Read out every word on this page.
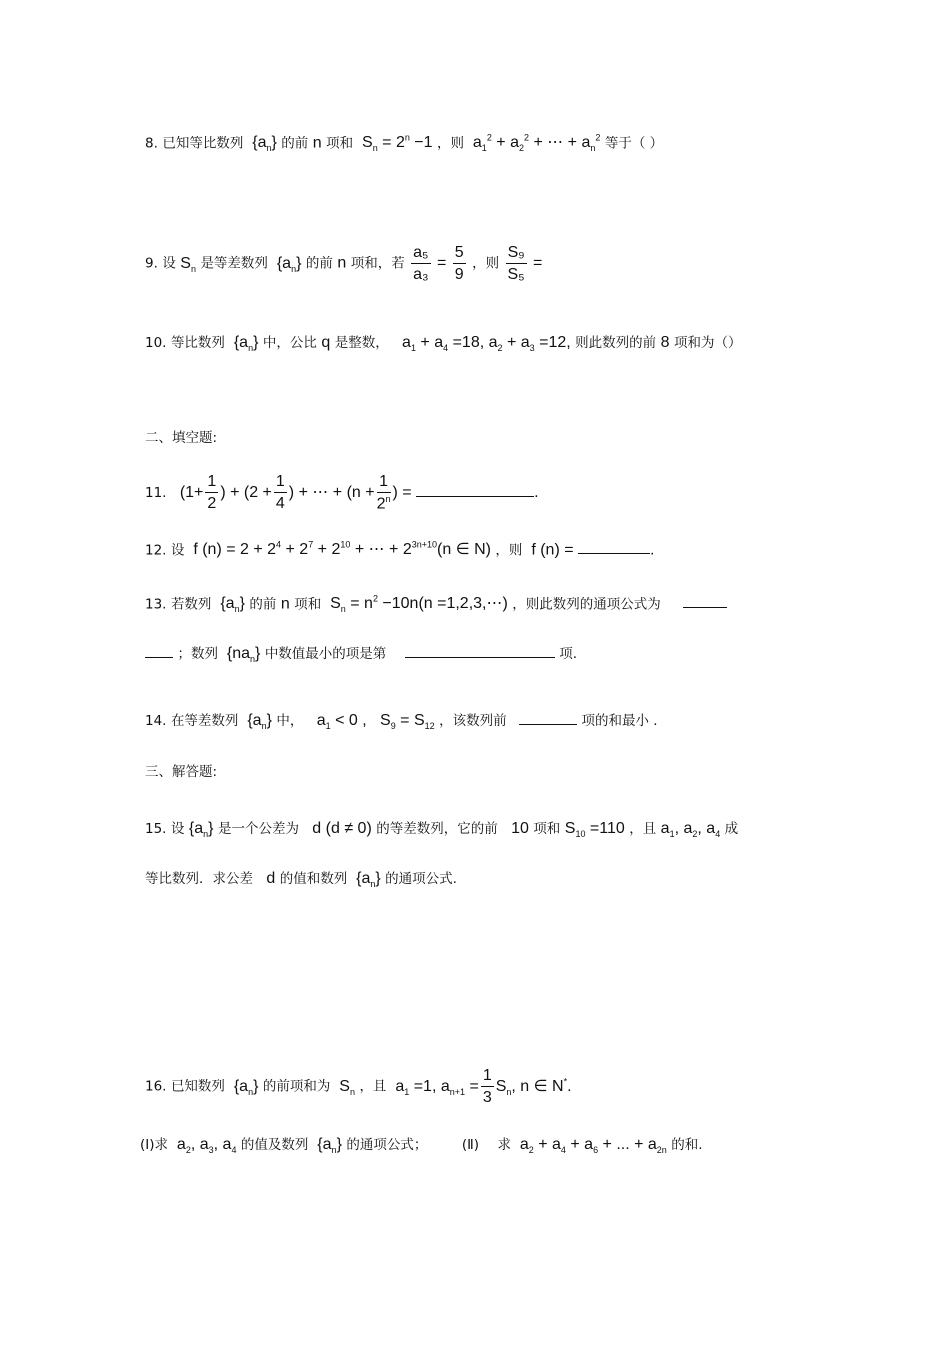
8. 已知等比数列  $\{a_n\}$ 的前 n 项和  $S_n = 2^n -1$ ，则  $a_1^2 + a_2^2$ + ⋯ + $a_n^2$ 等于（ ）
9. 设 $S_n$ 是等差数列  $\{a_n\}$ 的前 n 项和，若 $\frac{\text{a₅}}{\text{a₃}} = \frac{5}{9}$ ，则 $\frac{\text{S₉}}{\text{S₅}}$ =
10. 等比数列  $\{a_n\}$ 中，公比 q 是整数，   $a_1 + a_4 =18$, $a_2 + a_3 =12$, 则此数列的前 8 项和为（）
二、填空题:
11.   ($1+ \frac{1}{2}$ ) + ($2 + \frac{1}{4}$ ) + ⋯ + ($n + \frac{1}{2^n}$ ) =	.
12. 设  f $(n) = 2 + 2^4 + 2^7 + 2^{10}$ + ⋯ + $2^{3n+10}(n$ ∈ N) ，则  f (n) =	.
13. 若数列  $\{a_n\}$ 的前 n 项和  $S_n = n^2 -10n(n$ =1,2,3,⋯) ，则此数列的通项公式为
；数列  $\{na_n\}$ 中数值最小的项是第	项.
14. 在等差数列  $\{a_n\}$ 中，   $a_1 < 0$ ,   $S_9 = S_{12}$ ，该数列前	项的和最小 .
三、解答题:
15. 设 $\{a_n\}$ 是一个公差为   d (d ≠ 0) 的等差数列，它的前   10 项和 $S_{10} =110$ ，且 $a_1$, $a_2$, $a_4$ 成
等比数列．求公差   d 的值和数列  $\{a_n\}$ 的通项公式.
16. 已知数列  $\{a_n\}$ 的前项和为  $S_n$ ，且  $a_1 =1$, $a_{n+1} = \frac{1}{3} S_n$, n ∈ N*.
(Ⅰ)求  $a_2$, $a_3$, $a_4$ 的值及数列  $\{a_n\}$ 的通项公式；	(Ⅱ) 求  $a_2 + a_4 + a_6$ + ... + $a_{2n}$ 的和.
